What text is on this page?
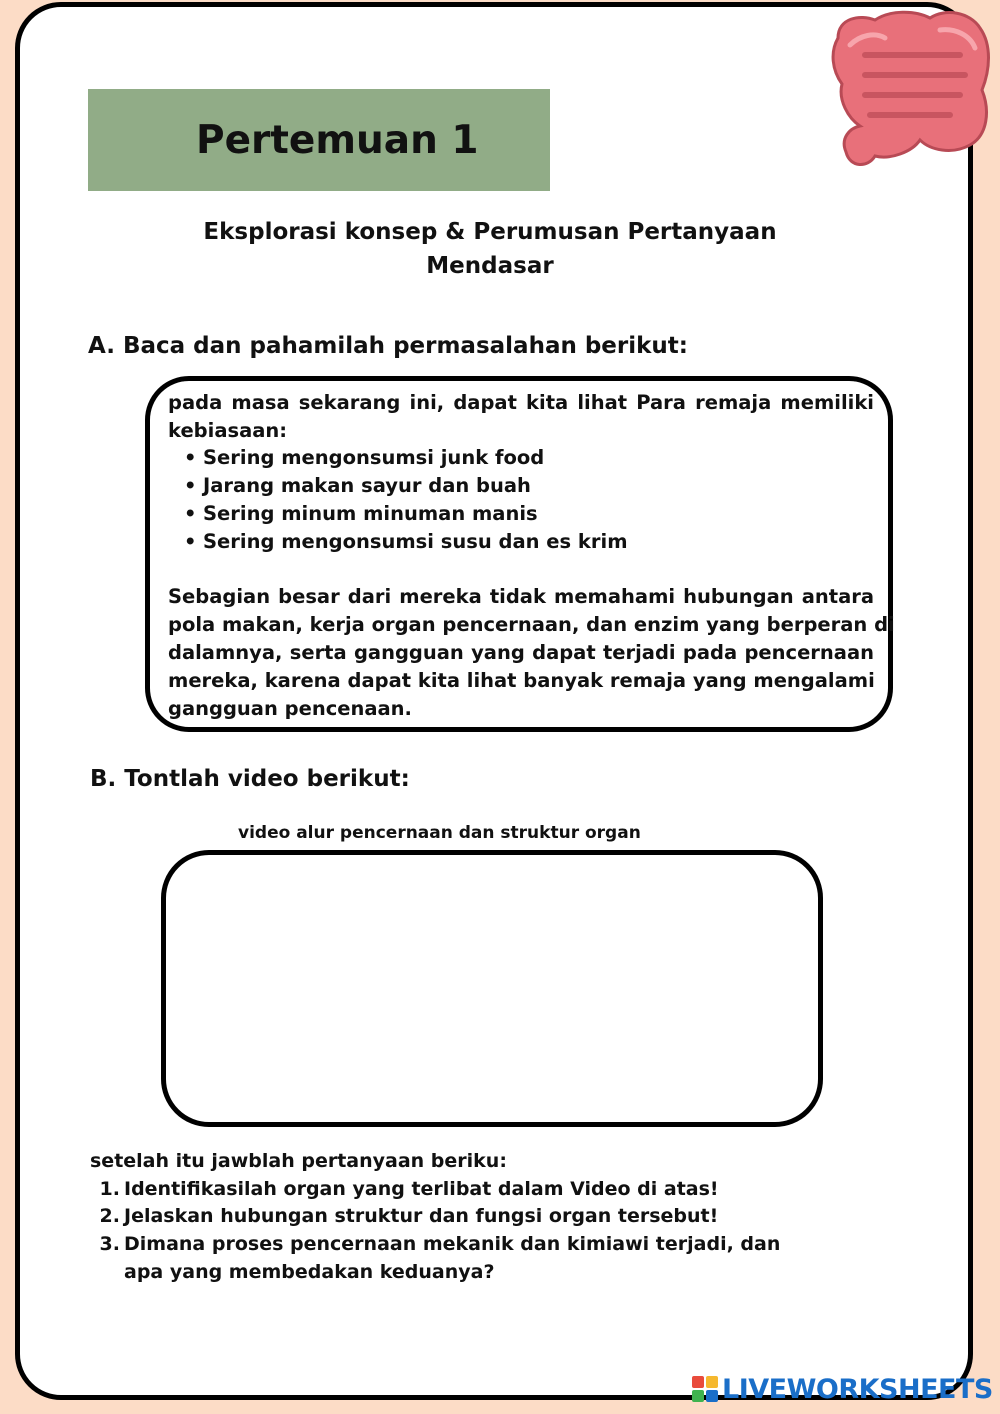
Pertemuan 1
Eksplorasi konsep & Perumusan Pertanyaan
Mendasar
A. Baca dan pahamilah permasalahan berikut:
pada masa sekarang ini, dapat kita lihat Para remaja memiliki
kebiasaan:
• Sering mengonsumsi junk food
• Jarang makan sayur dan buah
• Sering minum minuman manis
• Sering mengonsumsi susu dan es krim
Sebagian besar dari mereka tidak memahami hubungan antara
pola makan, kerja organ pencernaan, dan enzim yang berperan di
dalamnya, serta gangguan yang dapat terjadi pada pencernaan
mereka, karena dapat kita lihat banyak remaja yang mengalami
gangguan pencenaan.
B. Tontlah video berikut:
video alur pencernaan dan struktur organ
setelah itu jawblah pertanyaan beriku:
1. Identifikasilah organ yang terlibat dalam Video di atas!
2. Jelaskan hubungan struktur dan fungsi organ tersebut!
3. Dimana proses pencernaan mekanik dan kimiawi terjadi, dan
apa yang membedakan keduanya?
LIVEWORKSHEETS
